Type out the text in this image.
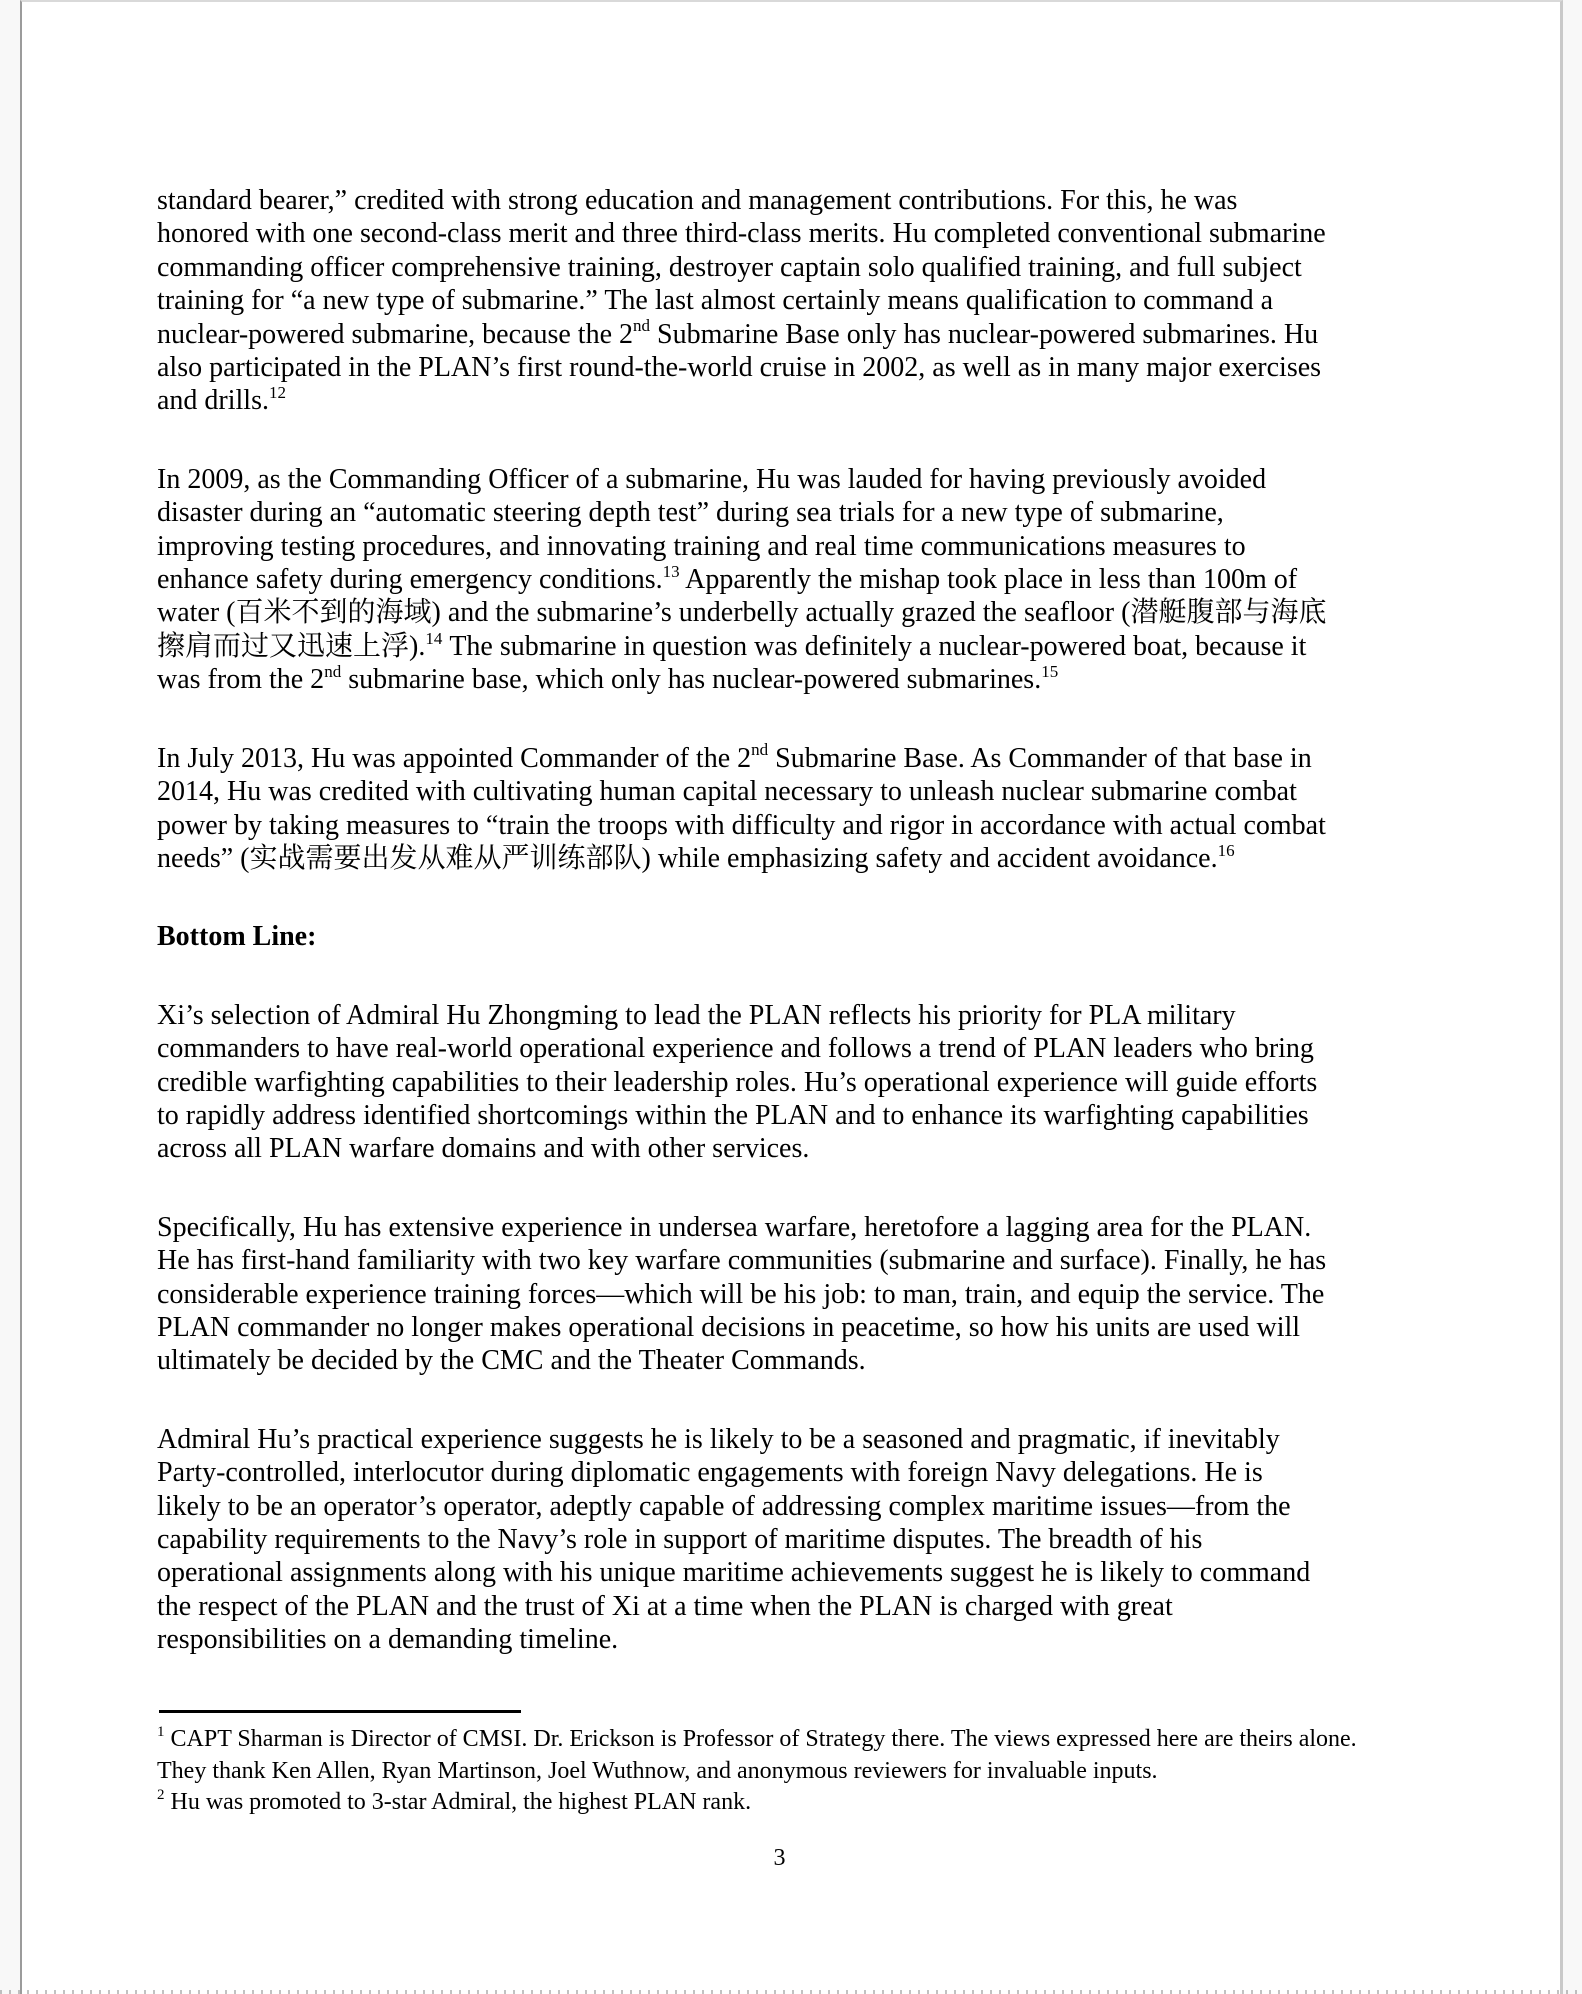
standard bearer,” credited with strong education and management contributions. For this, he was
honored with one second-class merit and three third-class merits. Hu completed conventional submarine
commanding officer comprehensive training, destroyer captain solo qualified training, and full subject
training for “a new type of submarine.” The last almost certainly means qualification to command a
nuclear-powered submarine, because the 2nd Submarine Base only has nuclear-powered submarines. Hu
also participated in the PLAN’s first round-the-world cruise in 2002, as well as in many major exercises
and drills.$^{12}$
In 2009, as the Commanding Officer of a submarine, Hu was lauded for having previously avoided
disaster during an “automatic steering depth test” during sea trials for a new type of submarine,
improving testing procedures, and innovating training and real time communications measures to
enhance safety during emergency conditions.$^{13}$ Apparently the mishap took place in less than 100m of
water (百米不到的海域) and the submarine’s underbelly actually grazed the seafloor (潜艇腹部与海底
擦肩而过又迅速上浮).$^{14}$ The submarine in question was definitely a nuclear-powered boat, because it
was from the 2nd submarine base, which only has nuclear-powered submarines.$^{15}$
In July 2013, Hu was appointed Commander of the 2nd Submarine Base. As Commander of that base in
2014, Hu was credited with cultivating human capital necessary to unleash nuclear submarine combat
power by taking measures to “train the troops with difficulty and rigor in accordance with actual combat
needs” (实战需要出发从难从严训练部队) while emphasizing safety and accident avoidance.$^{16}$
Bottom Line:
Xi’s selection of Admiral Hu Zhongming to lead the PLAN reflects his priority for PLA military
commanders to have real-world operational experience and follows a trend of PLAN leaders who bring
credible warfighting capabilities to their leadership roles. Hu’s operational experience will guide efforts
to rapidly address identified shortcomings within the PLAN and to enhance its warfighting capabilities
across all PLAN warfare domains and with other services.
Specifically, Hu has extensive experience in undersea warfare, heretofore a lagging area for the PLAN.
He has first-hand familiarity with two key warfare communities (submarine and surface). Finally, he has
considerable experience training forces—which will be his job: to man, train, and equip the service. The
PLAN commander no longer makes operational decisions in peacetime, so how his units are used will
ultimately be decided by the CMC and the Theater Commands.
Admiral Hu’s practical experience suggests he is likely to be a seasoned and pragmatic, if inevitably
Party-controlled, interlocutor during diplomatic engagements with foreign Navy delegations. He is
likely to be an operator’s operator, adeptly capable of addressing complex maritime issues—from the
capability requirements to the Navy’s role in support of maritime disputes. The breadth of his
operational assignments along with his unique maritime achievements suggest he is likely to command
the respect of the PLAN and the trust of Xi at a time when the PLAN is charged with great
responsibilities on a demanding timeline.
$^1$ CAPT Sharman is Director of CMSI. Dr. Erickson is Professor of Strategy there. The views expressed here are theirs alone.
They thank Ken Allen, Ryan Martinson, Joel Wuthnow, and anonymous reviewers for invaluable inputs.
$^2$ Hu was promoted to 3-star Admiral, the highest PLAN rank.
3
